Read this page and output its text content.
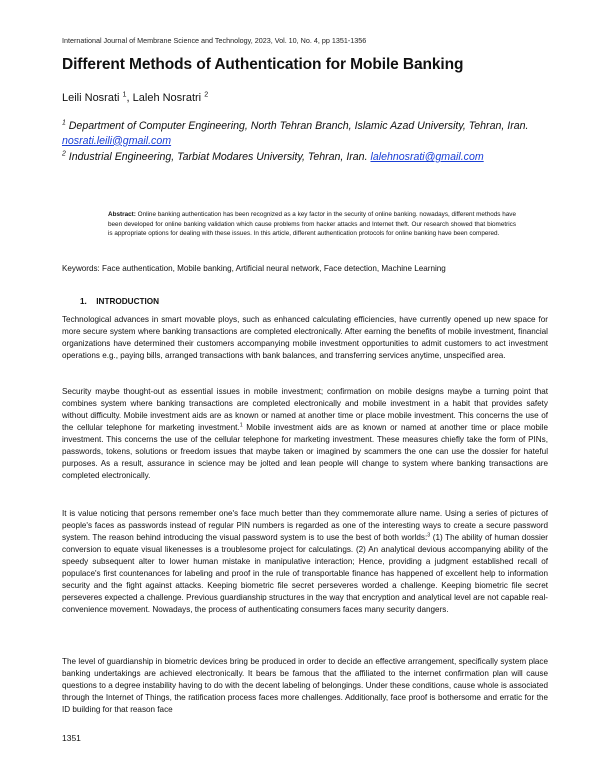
International Journal of Membrane Science and Technology, 2023, Vol. 10, No. 4, pp 1351-1356
Different Methods of Authentication for Mobile Banking
Leili Nosrati $^1$, Laleh Nosratri $^2$
$^1$ Department of Computer Engineering, North Tehran Branch, Islamic Azad University, Tehran, Iran. nosrati.leili@gmail.com
$^2$ Industrial Engineering, Tarbiat Modares University, Tehran, Iran. lalehnosrati@gmail.com
Abstract: Online banking authentication has been recognized as a key factor in the security of online banking. nowadays, different methods have been developed for online banking validation which cause problems from hacker attacks and Internet theft. Our research showed that biometrics is appropriate options for dealing with these issues. In this article, different authentication protocols for online banking have been compered.
Keywords: Face authentication, Mobile banking, Artificial neural network, Face detection, Machine Learning
1. INTRODUCTION
Technological advances in smart movable ploys, such as enhanced calculating efficiencies, have currently opened up new space for more secure system where banking transactions are completed electronically. After earning the benefits of mobile investment, financial organizations have determined their customers accompanying mobile investment opportunities to admit customers to act investment operations e.g., paying bills, arranged transactions with bank balances, and transferring services anytime, unspecified area.
Security maybe thought-out as essential issues in mobile investment; confirmation on mobile designs maybe a turning point that combines system where banking transactions are completed electronically and mobile investment in a habit that provides safety without difficulty. Mobile investment aids are as known or named at another time or place mobile investment. This concerns the use of the cellular telephone for marketing investment.$^1$ Mobile investment aids are as known or named at another time or place mobile investment. This concerns the use of the cellular telephone for marketing investment. These measures chiefly take the form of PINs, passwords, tokens, solutions or freedom issues that maybe taken or imagined by scammers the one can use the dossier for hateful purposes. As a result, assurance in science may be jolted and lean people will change to system where banking transactions are completed electronically.
It is value noticing that persons remember one's face much better than they commemorate allure name. Using a series of pictures of people's faces as passwords instead of regular PIN numbers is regarded as one of the interesting ways to create a secure password system. The reason behind introducing the visual password system is to use the best of both worlds:$^3$ (1) The ability of human dossier conversion to equate visual likenesses is a troublesome project for calculatings. (2) An analytical devious accompanying ability of the speedy subsequent alter to lower human mistake in manipulative interaction; Hence, providing a judgment established recall of populace's first countenances for labeling and proof in the rule of transportable finance has happened of excellent help to information security and the fight against attacks. Keeping biometric file secret perseveres worded a challenge. Keeping biometric file secret perseveres expected a challenge. Previous guardianship structures in the way that encryption and analytical level are not capable real-convenience movement. Nowadays, the process of authenticating consumers faces many security dangers.
The level of guardianship in biometric devices bring be produced in order to decide an effective arrangement, specifically system place banking undertakings are achieved electronically. It bears be famous that the affiliated to the internet confirmation plan will cause questions to a degree instability having to do with the decent labeling of belongings. Under these conditions, cause whole is associated through the Internet of Things, the ratification process faces more challenges. Additionally, face proof is bothersome and erratic for the ID building for that reason face
1351
